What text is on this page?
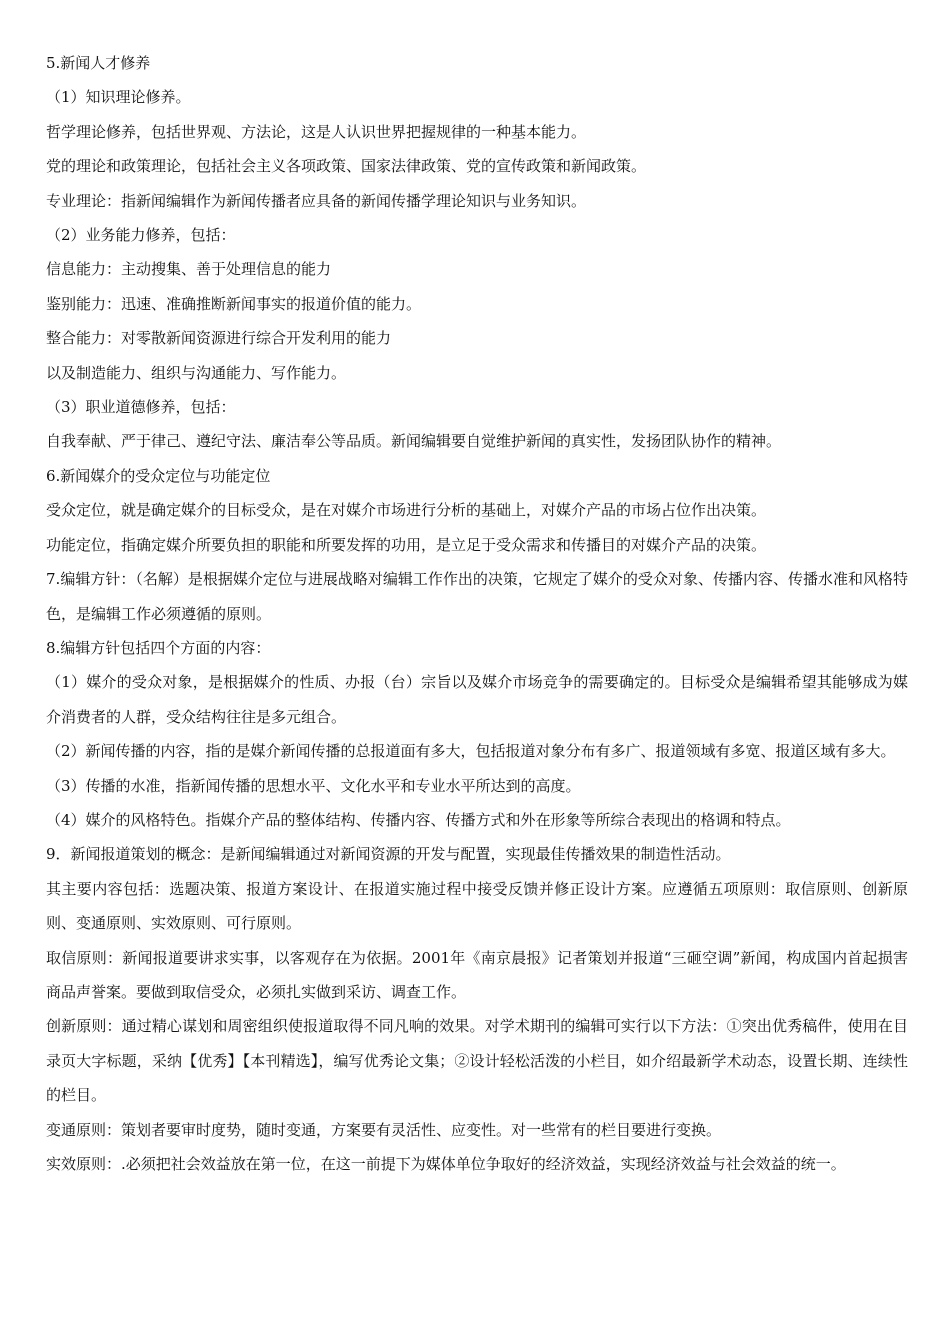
5.新闻人才修养

（1）知识理论修养。

哲学理论修养，包括世界观、方法论，这是人认识世界把握规律的一种基本能力。

党的理论和政策理论，包括社会主义各项政策、国家法律政策、党的宣传政策和新闻政策。

专业理论：指新闻编辑作为新闻传播者应具备的新闻传播学理论知识与业务知识。

（2）业务能力修养，包括：

信息能力：主动搜集、善于处理信息的能力

鉴别能力：迅速、准确推断新闻事实的报道价值的能力。

整合能力：对零散新闻资源进行综合开发利用的能力

以及制造能力、组织与沟通能力、写作能力。

（3）职业道德修养，包括：

自我奉献、严于律己、遵纪守法、廉洁奉公等品质。新闻编辑要自觉维护新闻的真实性，发扬团队协作的精神。

6.新闻媒介的受众定位与功能定位

受众定位，就是确定媒介的目标受众，是在对媒介市场进行分析的基础上，对媒介产品的市场占位作出决策。

功能定位，指确定媒介所要负担的职能和所要发挥的功用，是立足于受众需求和传播目的对媒介产品的决策。

7.编辑方针：（名解）是根据媒介定位与进展战略对编辑工作作出的决策，它规定了媒介的受众对象、传播内容、传播水准和风格特色，是编辑工作必须遵循的原则。

8.编辑方针包括四个方面的内容：

（1）媒介的受众对象，是根据媒介的性质、办报（台）宗旨以及媒介市场竞争的需要确定的。目标受众是编辑希望其能够成为媒介消费者的人群，受众结构往往是多元组合。

（2）新闻传播的内容，指的是媒介新闻传播的总报道面有多大，包括报道对象分布有多广、报道领域有多宽、报道区域有多大。

（3）传播的水准，指新闻传播的思想水平、文化水平和专业水平所达到的高度。

（4）媒介的风格特色。指媒介产品的整体结构、传播内容、传播方式和外在形象等所综合表现出的格调和特点。

9．新闻报道策划的概念：是新闻编辑通过对新闻资源的开发与配置，实现最佳传播效果的制造性活动。

其主要内容包括：选题决策、报道方案设计、在报道实施过程中接受反馈并修正设计方案。应遵循五项原则：取信原则、创新原则、变通原则、实效原则、可行原则。

取信原则：新闻报道要讲求实事，以客观存在为依据。2001年《南京晨报》记者策划并报道“三砸空调”新闻，构成国内首起损害商品声誉案。要做到取信受众，必须扎实做到采访、调查工作。

创新原则：通过精心谋划和周密组织使报道取得不同凡响的效果。对学术期刊的编辑可实行以下方法：①突出优秀稿件，使用在目录页大字标题，采纳【优秀】【本刊精选】，编写优秀论文集；②设计轻松活泼的小栏目，如介绍最新学术动态，设置长期、连续性的栏目。

变通原则：策划者要审时度势，随时变通，方案要有灵活性、应变性。对一些常有的栏目要进行变换。

实效原则：.必须把社会效益放在第一位，在这一前提下为媒体单位争取好的经济效益，实现经济效益与社会效益的统一。
